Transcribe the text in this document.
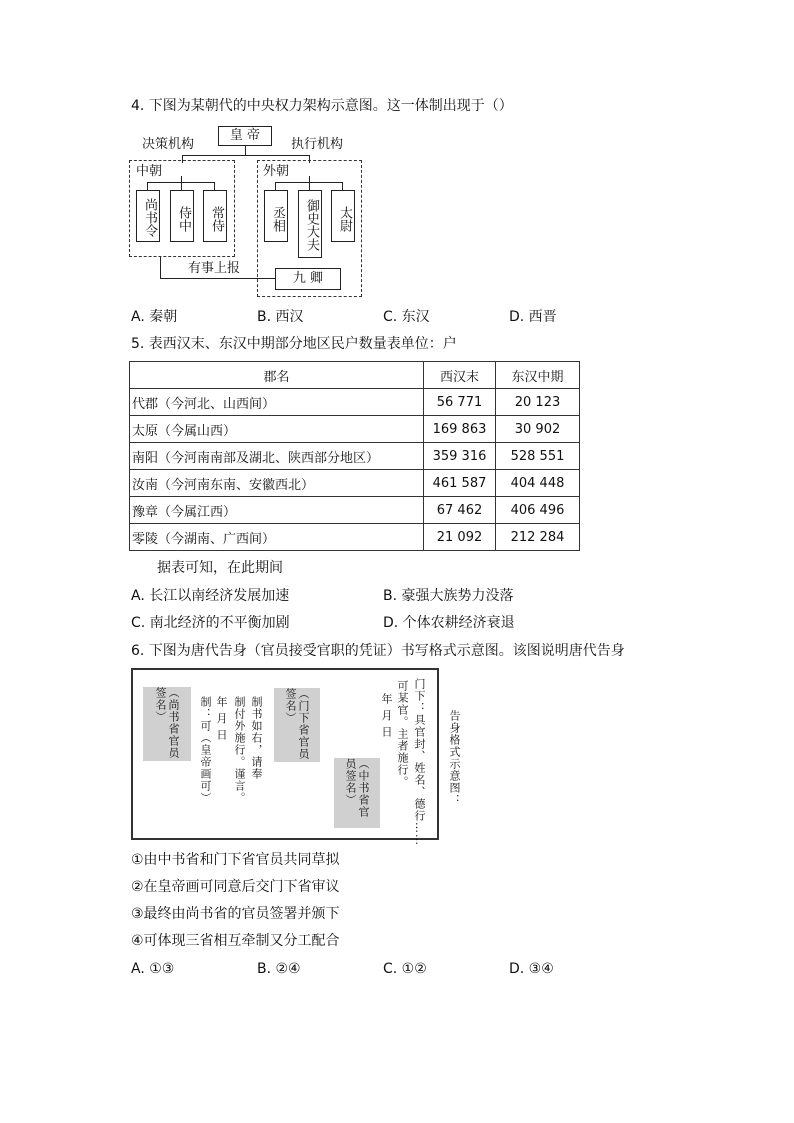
4. 下图为某朝代的中央权力架构示意图。这一体制出现于（）
皇 帝
决策机构	执行机构
中朝
尚书令	侍中	常侍
外朝
丞相	御史大夫	太尉
有事上报
九 卿
A. 秦朝	B. 西汉	C. 东汉	D. 西晋
5. 表西汉末、东汉中期部分地区民户数量表单位：户
郡名	西汉末	东汉中期
代郡（今河北、山西间）	56 771	20 123
太原（今属山西）	169 863	30 902
南阳（今河南南部及湖北、陕西部分地区）	359 316	528 551
汝南（今河南东南、安徽西北）	461 587	404 448
豫章（今属江西）	67 462	406 496
零陵（今湖南、广西间）	21 092	212 284
据表可知，在此期间
A. 长江以南经济发展加速	B. 豪强大族势力没落
C. 南北经济的不平衡加剧	D. 个体农耕经济衰退
6. 下图为唐代告身（官员接受官职的凭证）书写格式示意图。该图说明唐代告身
（尚书省官员签名）	制：可（皇帝画可） 年 月 日 制付外施行。谨言。 制书如右，请奉	（门下省官员签名）
（中书省官员签名）
年 月 日 可某官。主者施行。 门下：具官封、姓名、德行…… 告身格式示意图：
①由中书省和门下省官员共同草拟
②在皇帝画可同意后交门下省审议
③最终由尚书省的官员签署并颁下
④可体现三省相互牵制又分工配合
A. ①③	B. ②④	C. ①②	D. ③④
